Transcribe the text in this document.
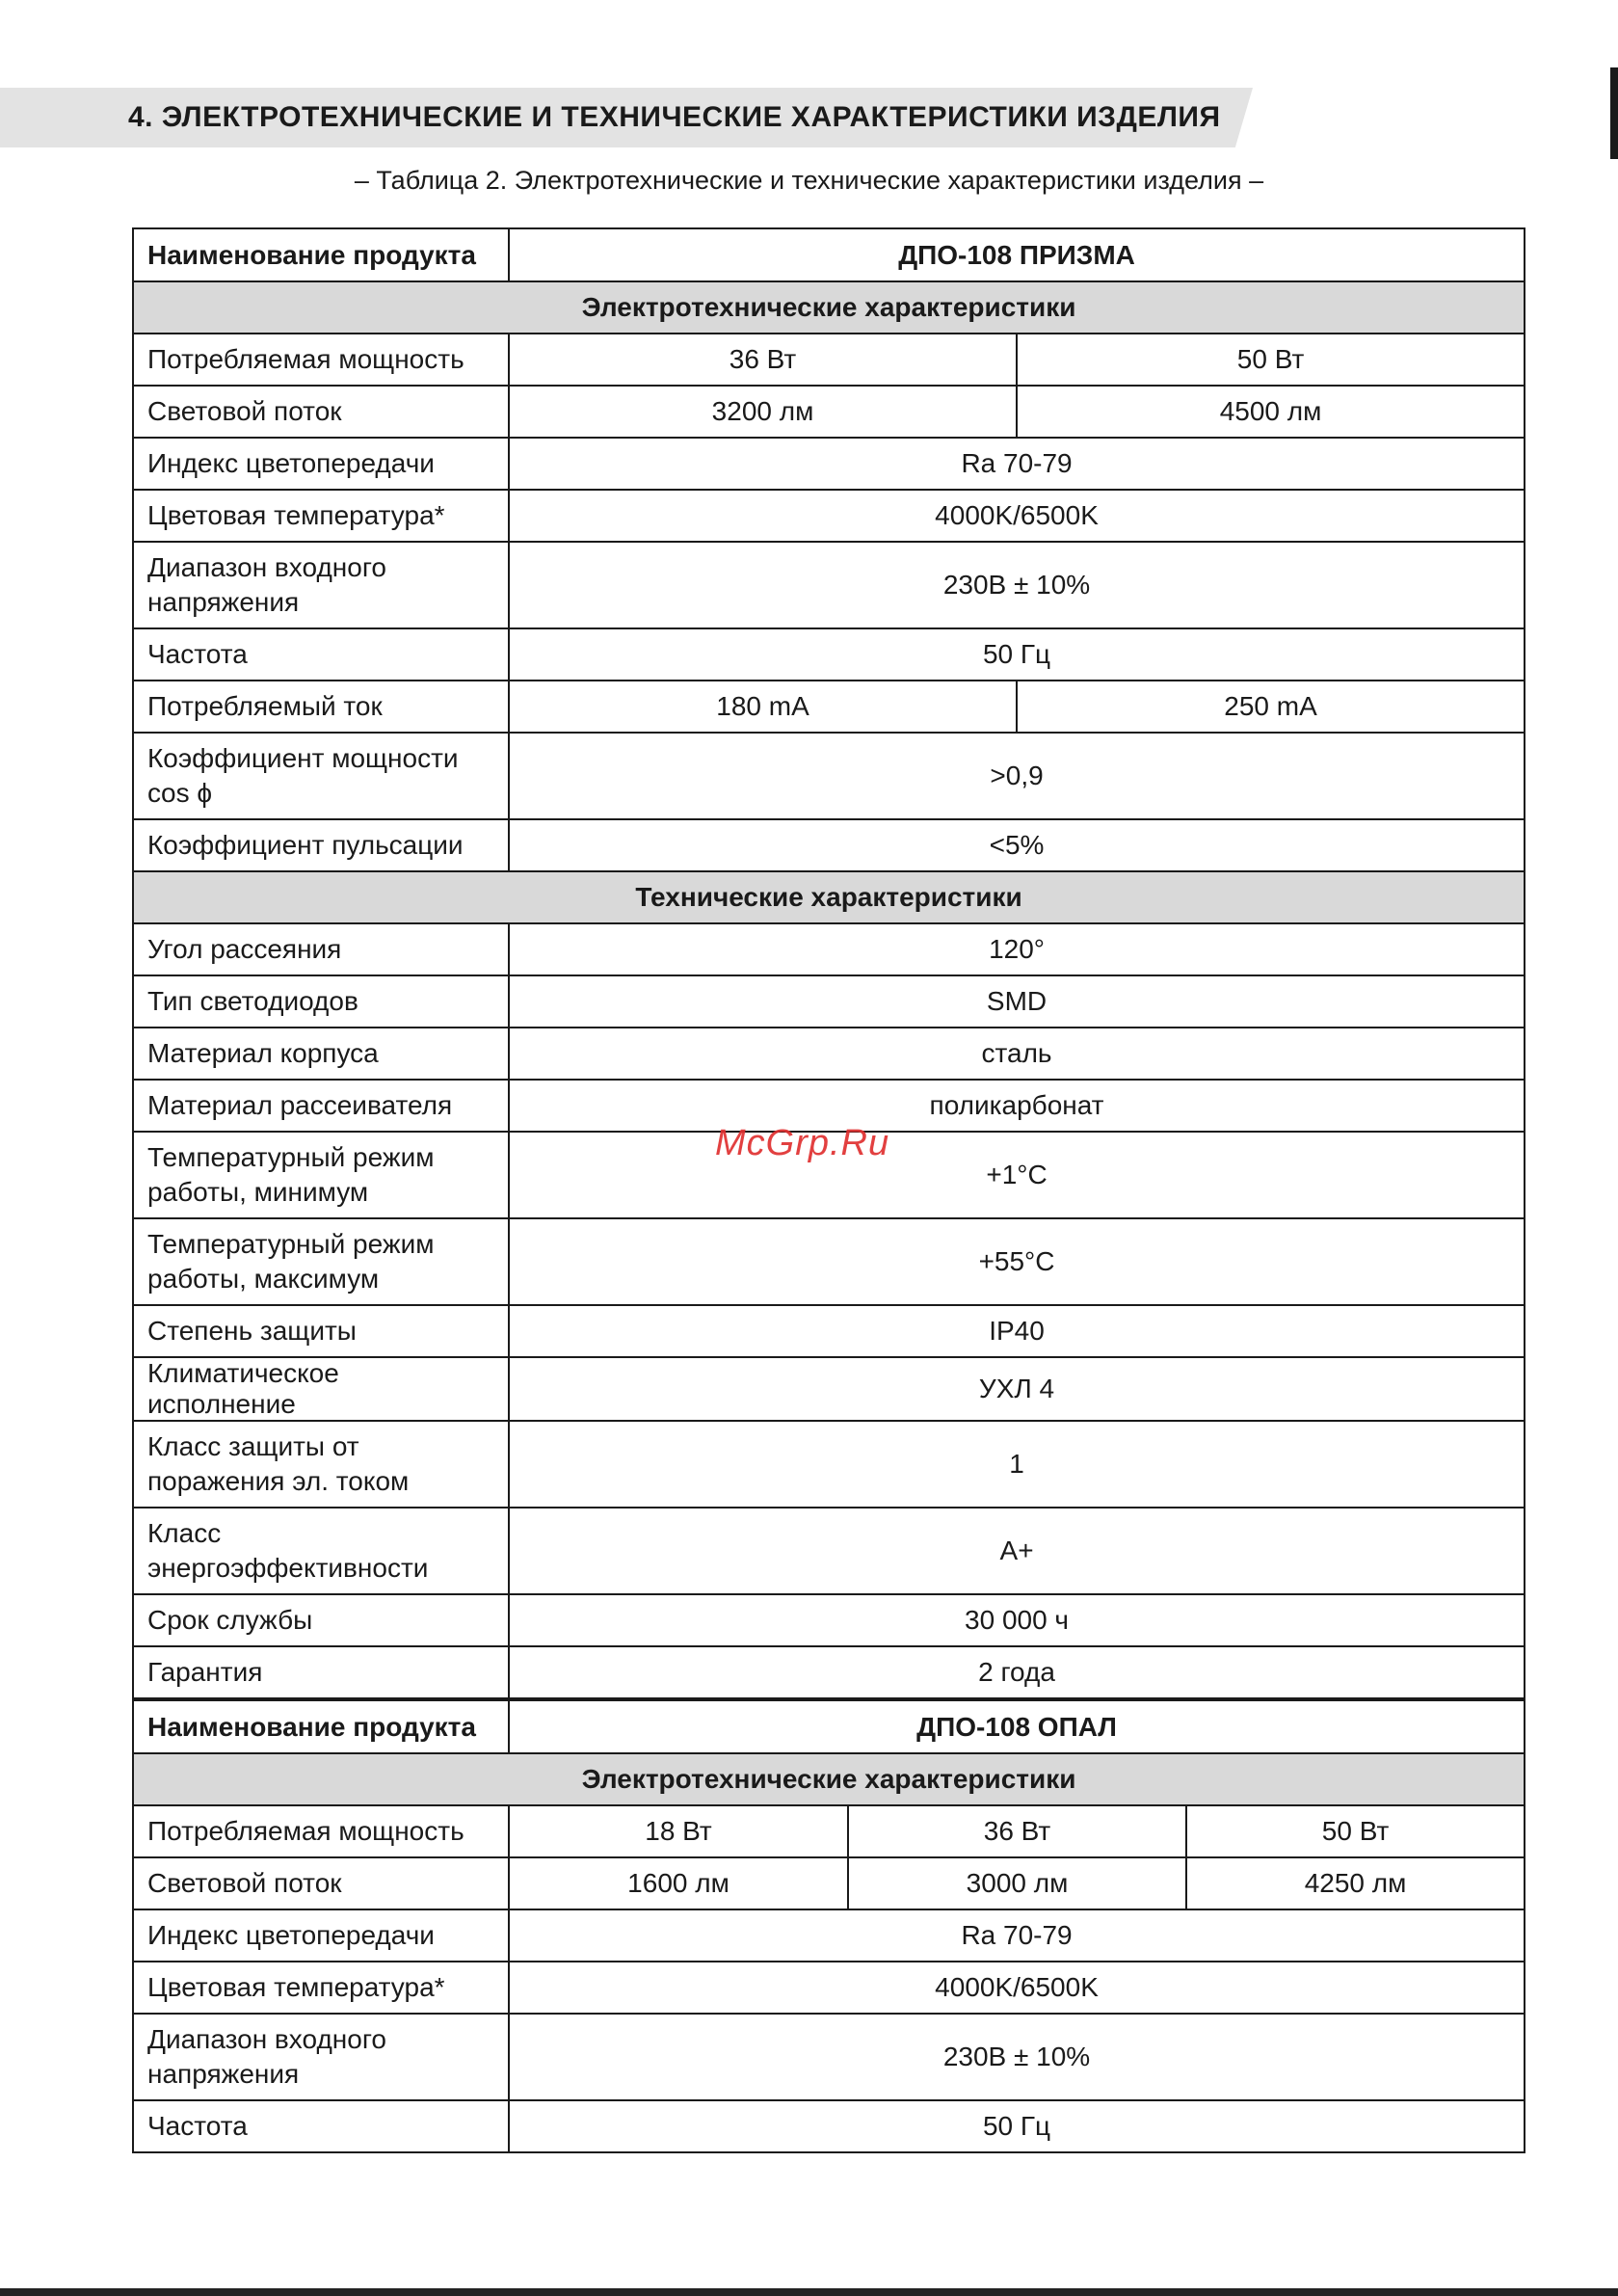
4. ЭЛЕКТРОТЕХНИЧЕСКИЕ И ТЕХНИЧЕСКИЕ ХАРАКТЕРИСТИКИ ИЗДЕЛИЯ
– Таблица 2. Электротехнические и технические характеристики изделия –
Наименование продукта	ДПО-108 ПРИЗМА			
Электротехнические характеристики				
Потребляемая мощность	36 Вт		50 Вт	
Световой поток	3200 лм		4500 лм	
Индекс цветопередачи	Ra 70-79			
Цветовая температура*	4000K/6500K			
Диапазон входного напряжения	230В ± 10%			
Частота	50 Гц			
Потребляемый ток	180 mA		250 mA	
Коэффициент мощности cos ϕ	>0,9			
Коэффициент пульсации	<5%			
Технические характеристики				
Угол рассеяния	120°			
Тип светодиодов	SMD			
Материал корпуса	сталь			
Материал рассеивателя	поликарбонат			
Температурный режим работы, минимум	+1°С			
Температурный режим работы, максимум	+55°С			
Степень защиты	IP40			
Климатическое исполнение	УХЛ 4			
Класс защиты от поражения эл. током	1			
Класс энергоэффективности	A+			
Срок службы	30 000 ч			
Гарантия	2 года			
Наименование продукта	ДПО-108 ОПАЛ			
Электротехнические характеристики				
Потребляемая мощность	18 Вт	36 Вт		50 Вт
Световой поток	1600 лм	3000 лм		4250 лм
Индекс цветопередачи	Ra 70-79			
Цветовая температура*	4000K/6500K			
Диапазон входного напряжения	230В ± 10%			
Частота	50 Гц			
McGrp.Ru
